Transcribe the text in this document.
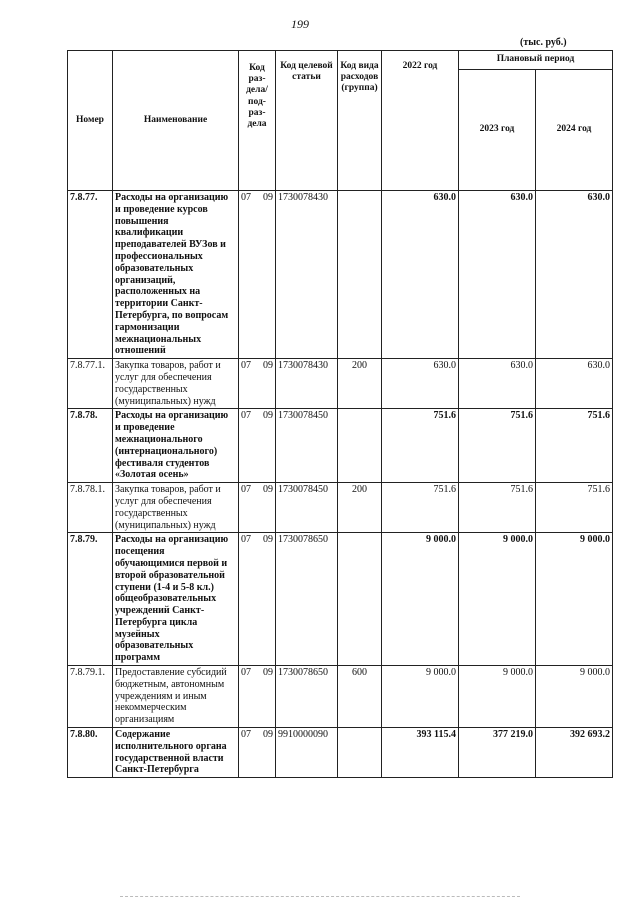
199
(тыс. руб.)
Номер	Наименование	Код раз-дела/ под-раз-дела	Код целевой статьи	Код вида расходов (группа)	2022 год	Плановый период	
						2023 год	2024 год
7.8.77.	Расходы на организацию и проведение курсов повышения квалификации преподавателей ВУЗов и профессиональных образовательных организаций, расположенных на территории Санкт-Петербурга, по вопросам гармонизации межнациональных отношений	07 09	1730078430		630.0	630.0	630.0
7.8.77.1.	Закупка товаров, работ и услуг для обеспечения государственных (муниципальных) нужд	07 09	1730078430	200	630.0	630.0	630.0
7.8.78.	Расходы на организацию и проведение межнационального (интернационального) фестиваля студентов «Золотая осень»	07 09	1730078450		751.6	751.6	751.6
7.8.78.1.	Закупка товаров, работ и услуг для обеспечения государственных (муниципальных) нужд	07 09	1730078450	200	751.6	751.6	751.6
7.8.79.	Расходы на организацию посещения обучающимися первой и второй образовательной ступени (1-4 и 5-8 кл.) общеобразовательных учреждений Санкт-Петербурга цикла музейных образовательных программ	07 09	1730078650		9 000.0	9 000.0	9 000.0
7.8.79.1.	Предоставление субсидий бюджетным, автономным учреждениям и иным некоммерческим организациям	07 09	1730078650	600	9 000.0	9 000.0	9 000.0
7.8.80.	Содержание исполнительного органа государственной власти Санкт-Петербурга	07 09	9910000090		393 115.4	377 219.0	392 693.2
